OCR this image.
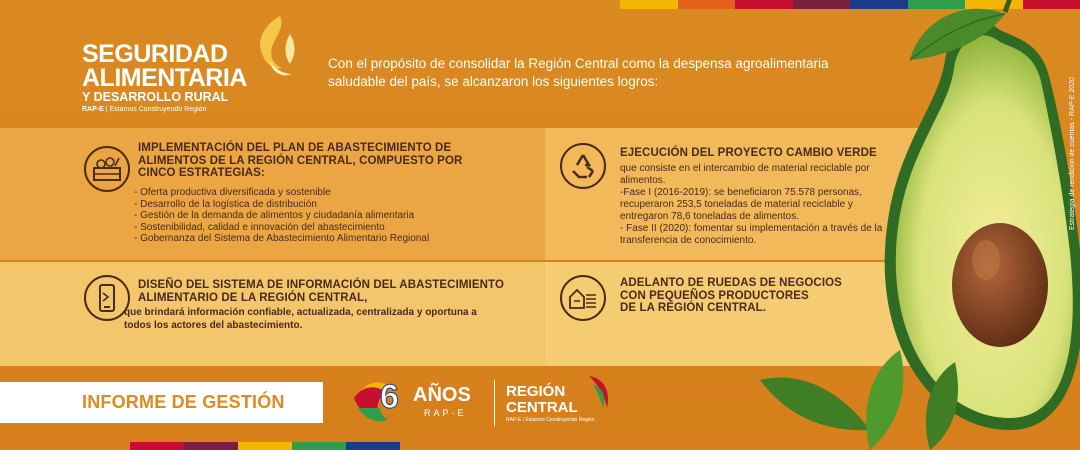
SEGURIDAD
ALIMENTARIA
Y DESARROLLO RURAL
RAP-E | Estamos Construyendo Región
Con el propósito de consolidar la Región Central como la despensa agroalimentaria saludable del país, se alcanzaron los siguientes logros:
IMPLEMENTACIÓN DEL PLAN DE ABASTECIMIENTO DE ALIMENTOS DE LA REGIÓN CENTRAL, COMPUESTO POR CINCO ESTRATEGIAS:
- Oferta productiva diversificada y sostenible
- Desarrollo de la logística de distribución
- Gestión de la demanda de alimentos y ciudadanía alimentaria
- Sostenibilidad, calidad e innovación del abastecimiento
- Gobernanza del Sistema de Abastecimiento Alimentario Regional
EJECUCIÓN DEL PROYECTO CAMBIO VERDE
que consiste en el intercambio de material reciclable por alimentos.
-Fase I (2016-2019): se beneficiaron 75.578 personas, recuperaron 253,5 toneladas de material reciclable y entregaron 78,6 toneladas de alimentos.
- Fase II (2020): fomentar su implementación a través de la transferencia de conocimiento.
DISEÑO DEL SISTEMA DE INFORMACIÓN DEL ABASTECIMIENTO ALIMENTARIO DE LA REGIÓN CENTRAL,
que brindará información confiable, actualizada, centralizada y oportuna a todos los actores del abastecimiento.
ADELANTO DE RUEDAS DE NEGOCIOS
CON PEQUEÑOS PRODUCTORES
DE LA REGIÓN CENTRAL.
Estrategia de rendición de cuentas - RAP-E 2020
INFORME DE GESTIÓN	6 AÑOS
RAP-E
REGIÓN
CENTRAL
RAP-E | Estamos Construyendo Región
